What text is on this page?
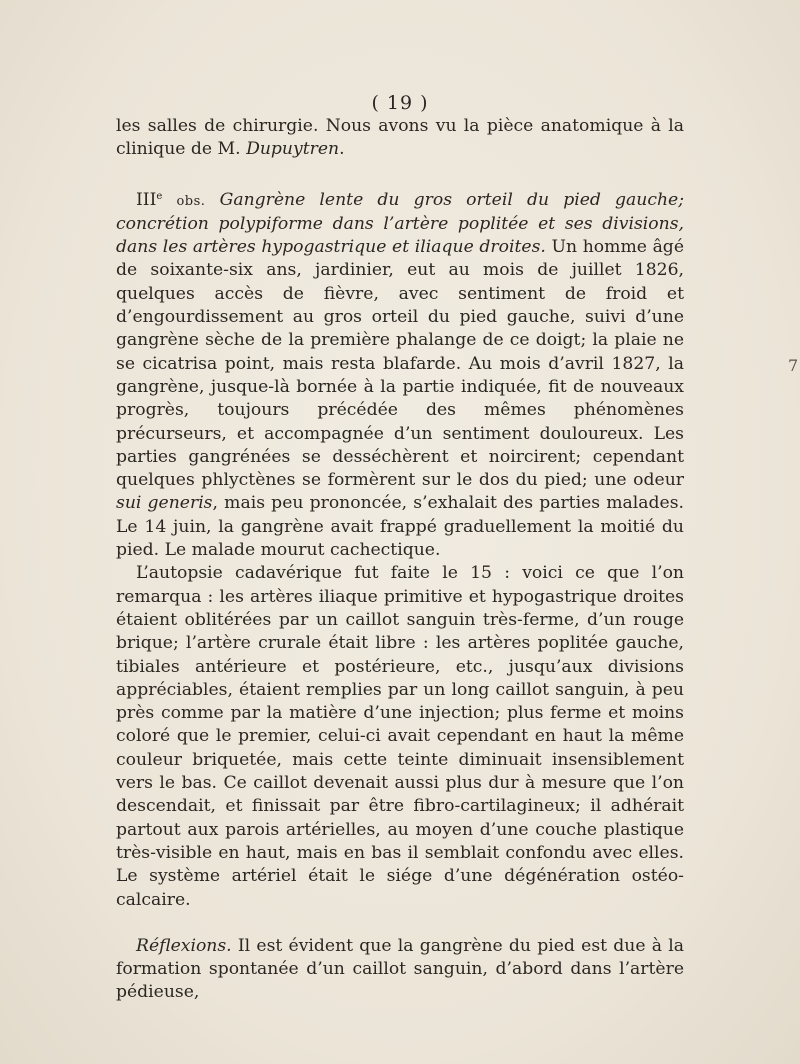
( 19 )

les salles de chirurgie. Nous avons vu la pièce anatomique à la clinique de M. Dupuytren.

IIIe obs. Gangrène lente du gros orteil du pied gauche; concrétion polypiforme dans l’artère poplitée et ses divisions, dans les artères hypogastrique et iliaque droites. Un homme âgé de soixante-six ans, jardinier, eut au mois de juillet 1826, quelques accès de fièvre, avec sentiment de froid et d’engourdissement au gros orteil du pied gauche, suivi d’une gangrène sèche de la première phalange de ce doigt; la plaie ne se cicatrisa point, mais resta blafarde. Au mois d’avril 1827, la gangrène, jusque-là bornée à la partie indiquée, fit de nouveaux progrès, toujours précédée des mêmes phénomènes précurseurs, et accompagnée d’un sentiment douloureux. Les parties gangrénées se desséchèrent et noircirent; cependant quelques phlyctènes se formèrent sur le dos du pied; une odeur sui generis, mais peu prononcée, s’exhalait des parties malades. Le 14 juin, la gangrène avait frappé graduellement la moitié du pied. Le malade mourut cachectique.

L’autopsie cadavérique fut faite le 15 : voici ce que l’on remarqua : les artères iliaque primitive et hypogastrique droites étaient oblitérées par un caillot sanguin très-ferme, d’un rouge brique; l’artère crurale était libre : les artères poplitée gauche, tibiales antérieure et postérieure, etc., jusqu’aux divisions appréciables, étaient remplies par un long caillot sanguin, à peu près comme par la matière d’une injection; plus ferme et moins coloré que le premier, celui-ci avait cependant en haut la même couleur briquetée, mais cette teinte diminuait insensiblement vers le bas. Ce caillot devenait aussi plus dur à mesure que l’on descendait, et finissait par être fibro-cartilagineux; il adhérait partout aux parois artérielles, au moyen d’une couche plastique très-visible en haut, mais en bas il semblait confondu avec elles. Le système artériel était le siége d’une dégénération ostéo-calcaire.

Réflexions. Il est évident que la gangrène du pied est due à la formation spontanée d’un caillot sanguin, d’abord dans l’artère pédieuse,

7
